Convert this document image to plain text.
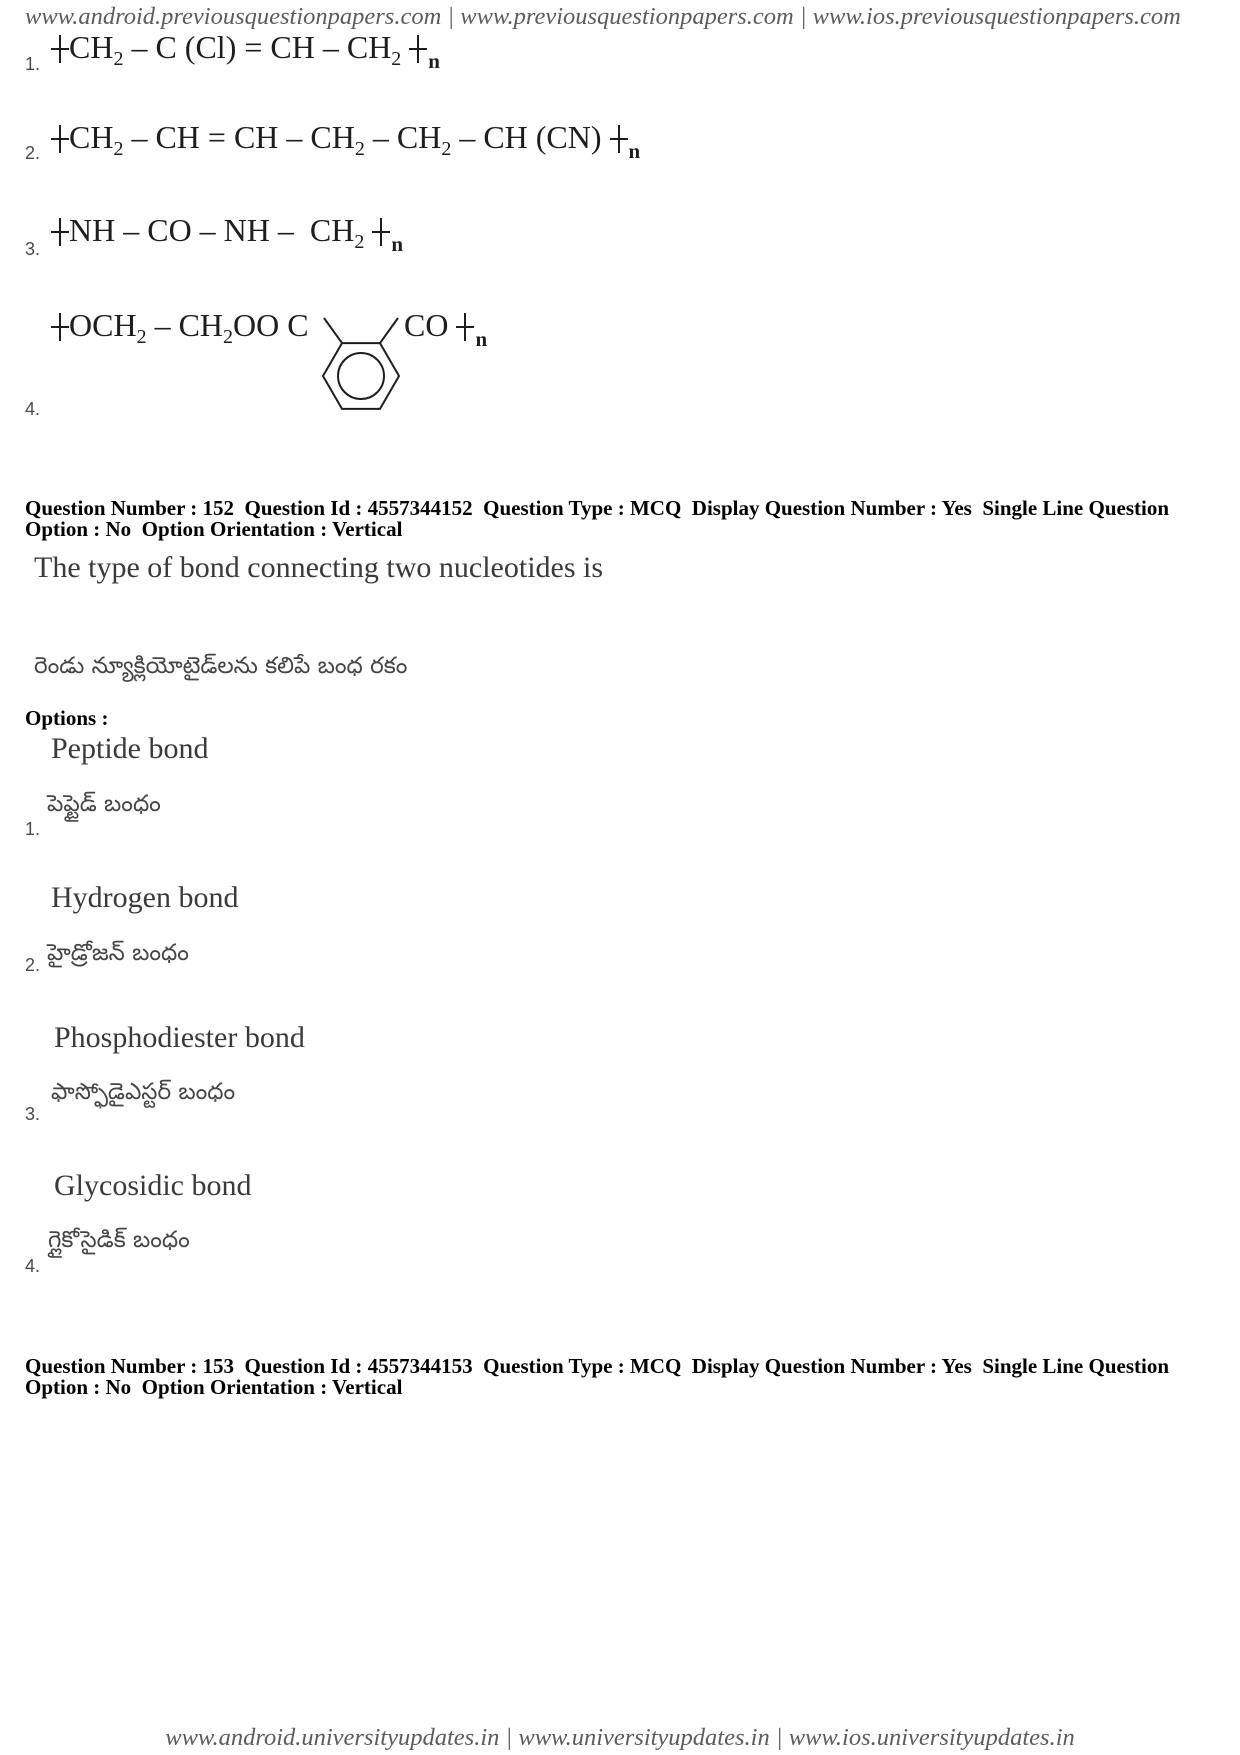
www.android.previousquestionpapers.com | www.previousquestionpapers.com | www.ios.previousquestionpapers.com
$CH_2$ – C (Cl) = CH – $CH_2$ $_n$
1.
$CH_2$ – CH = CH – $CH_2 - CH_2$ – CH (CN) $_n$
2.
NH – CO – NH –  $CH_2$ $_n$
3.
$OCH_2 - CH_2OO$ C	CO $_n$
4.
Question Number : 152  Question Id : 4557344152  Question Type : MCQ  Display Question Number : Yes  Single Line Question
Option : No  Option Orientation : Vertical
The type of bond connecting two nucleotides is
రెండు న్యూక్లియోటైడ్‌లను కలిపే బంధ రకం
Options :
Peptide bond
పెప్టైడ్ బంధం
1.
Hydrogen bond
హైడ్రోజన్ బంధం
2.
Phosphodiester bond
ఫాస్ఫోడైఎస్టర్ బంధం
3.
Glycosidic bond
గ్లైకోసైడిక్ బంధం
4.
Question Number : 153  Question Id : 4557344153  Question Type : MCQ  Display Question Number : Yes  Single Line Question
Option : No  Option Orientation : Vertical
www.android.universityupdates.in | www.universityupdates.in | www.ios.universityupdates.in
